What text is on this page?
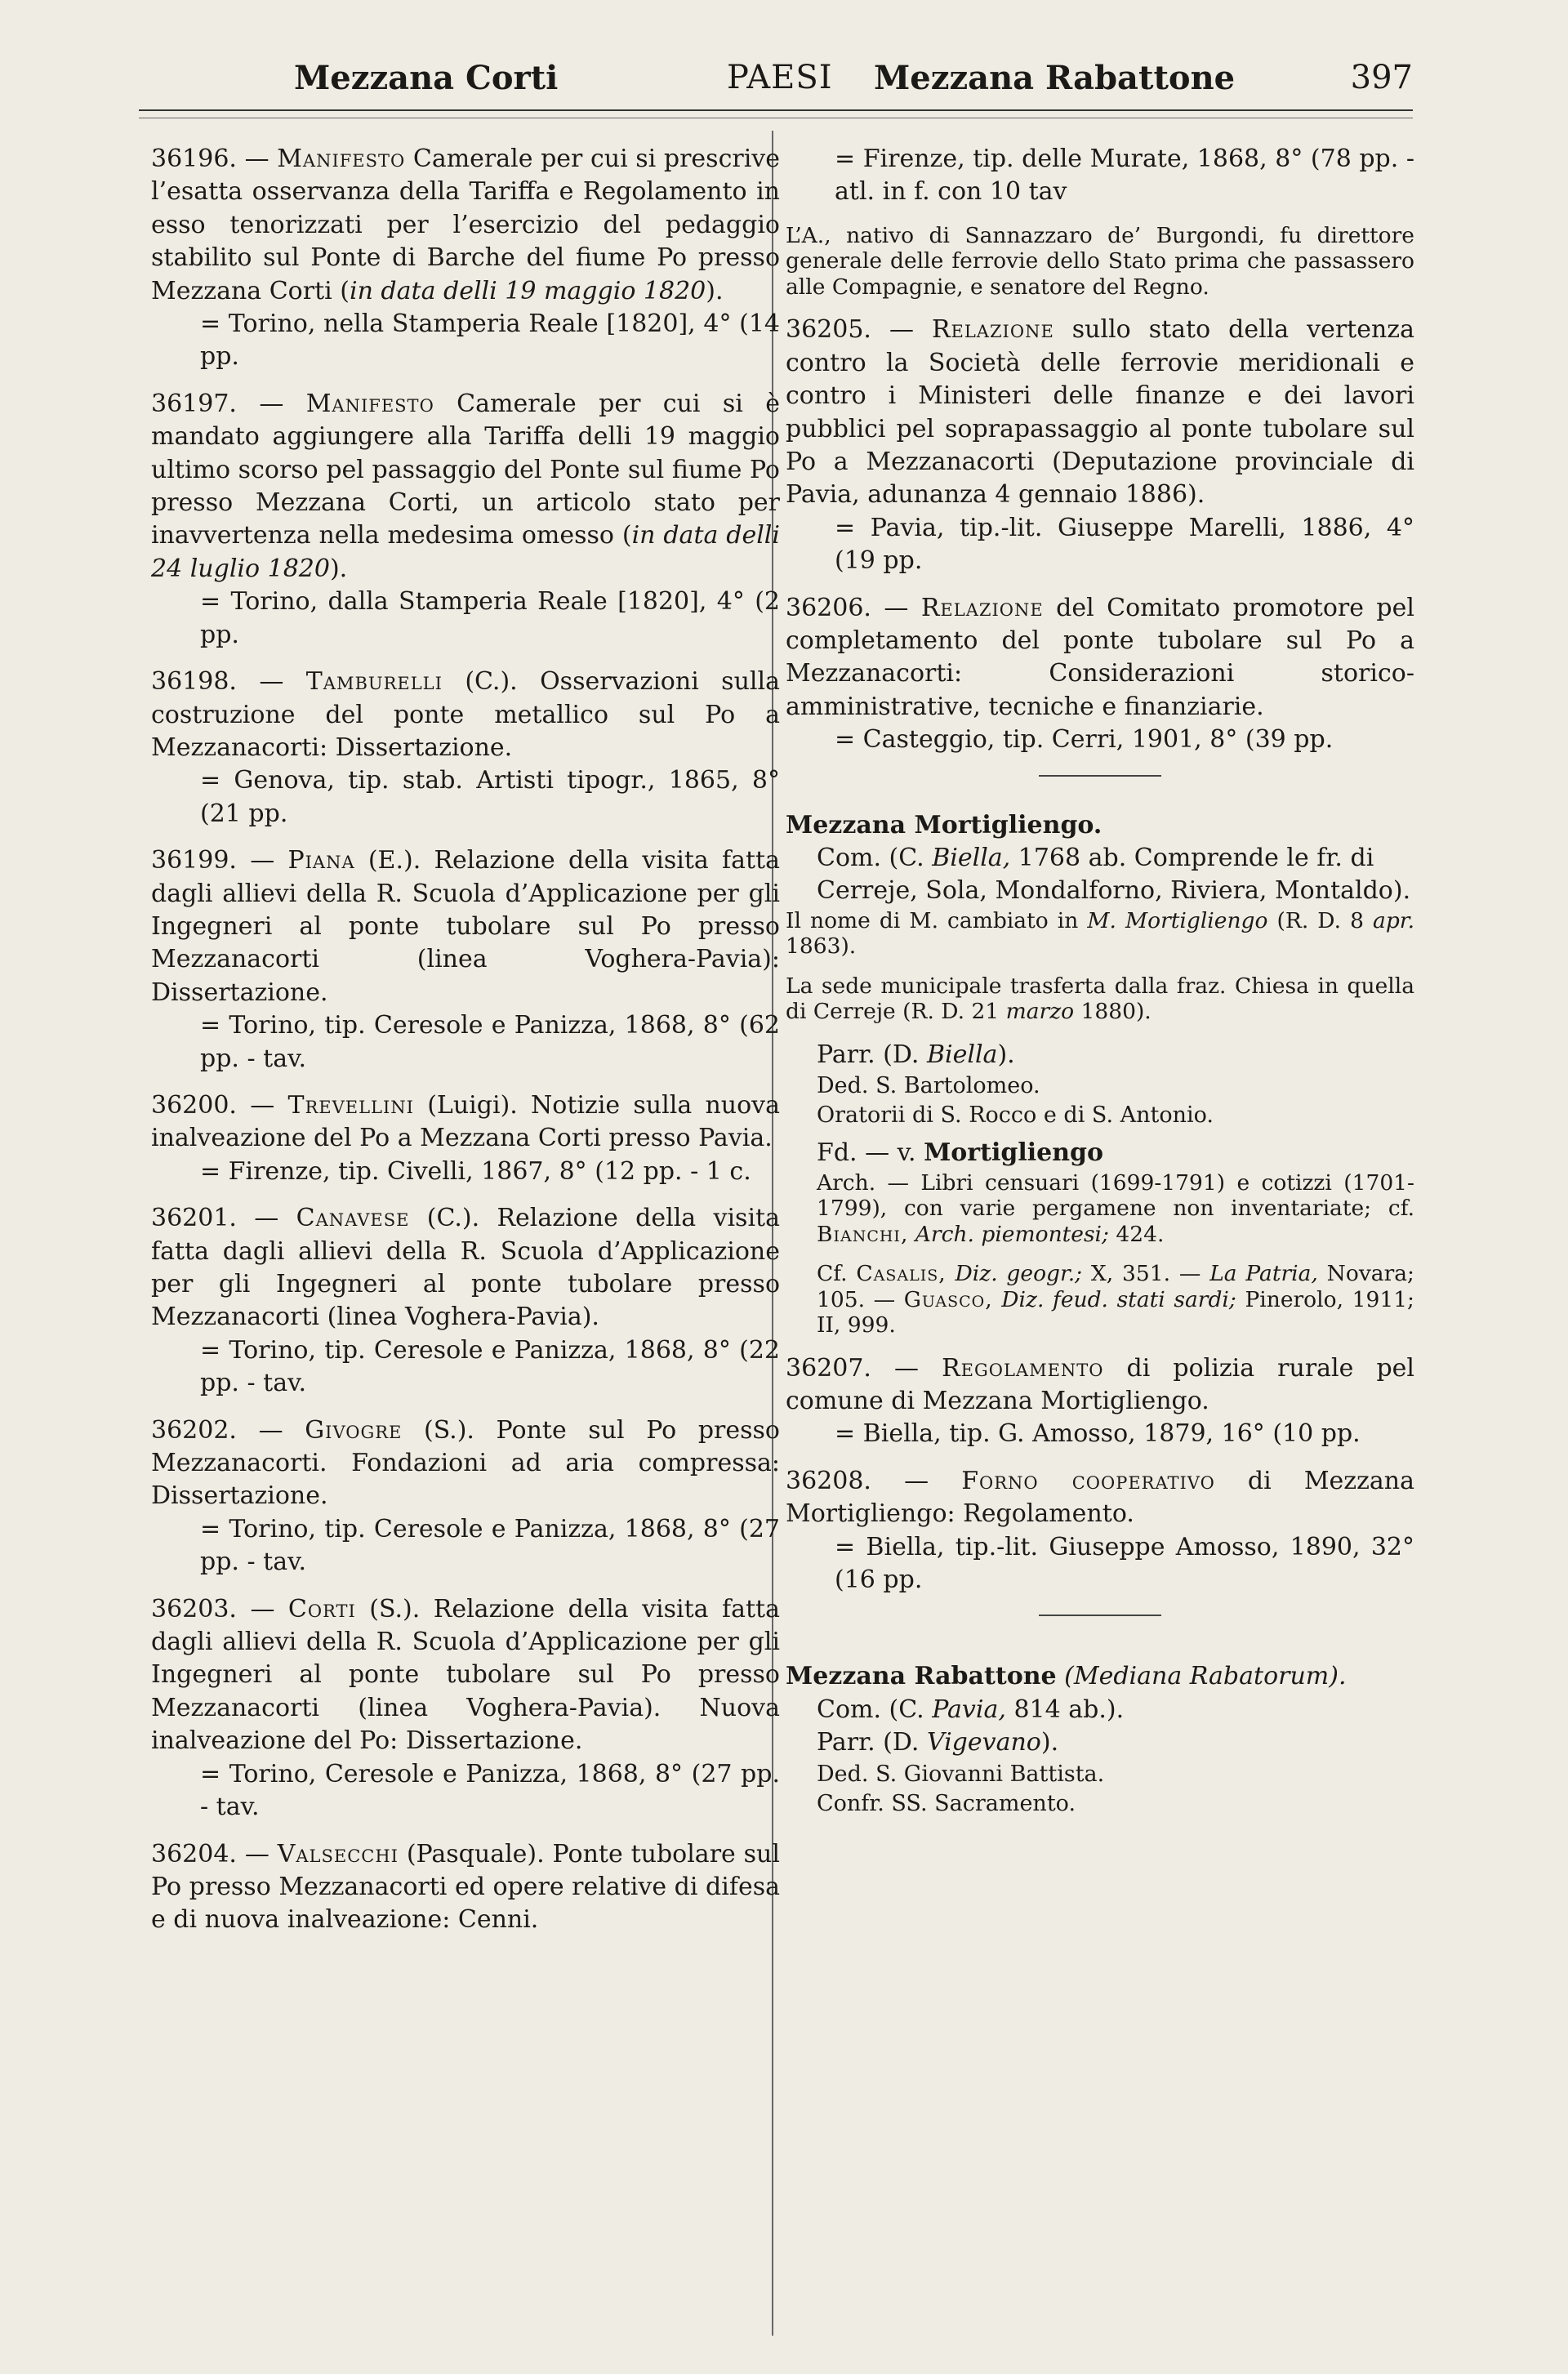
Mezzana Corti	PAESI Mezzana Rabattone	397
36196. — Manifesto Camerale per cui si prescrive l’esatta osservanza della Tariffa e Regolamento in esso tenorizzati per l’esercizio del pedaggio stabilito sul Ponte di Barche del fiume Po presso Mezzana Corti (in data delli 19 maggio 1820).
= Torino, nella Stamperia Reale [1820], 4° (14 pp.
36197. — Manifesto Camerale per cui si è mandato aggiungere alla Tariffa delli 19 maggio ultimo scorso pel passaggio del Ponte sul fiume Po presso Mezzana Corti, un articolo stato per inavvertenza nella medesima omesso (in data delli 24 luglio 1820).
= Torino, dalla Stamperia Reale [1820], 4° (2 pp.
36198. — Tamburelli (C.). Osservazioni sulla costruzione del ponte metallico sul Po a Mezzanacorti: Dissertazione.
= Genova, tip. stab. Artisti tipogr., 1865, 8° (21 pp.
36199. — Piana (E.). Relazione della visita fatta dagli allievi della R. Scuola d’Applicazione per gli Ingegneri al ponte tubolare sul Po presso Mezzanacorti (linea Voghera-Pavia): Dissertazione.
= Torino, tip. Ceresole e Panizza, 1868, 8° (62 pp. - tav.
36200. — Trevellini (Luigi). Notizie sulla nuova inalveazione del Po a Mezzana Corti presso Pavia.
= Firenze, tip. Civelli, 1867, 8° (12 pp. - 1 c.
36201. — Canavese (C.). Relazione della visita fatta dagli allievi della R. Scuola d’Applicazione per gli Ingegneri al ponte tubolare presso Mezzanacorti (linea Voghera-Pavia).
= Torino, tip. Ceresole e Panizza, 1868, 8° (22 pp. - tav.
36202. — Givogre (S.). Ponte sul Po presso Mezzanacorti. Fondazioni ad aria compressa: Dissertazione.
= Torino, tip. Ceresole e Panizza, 1868, 8° (27 pp. - tav.
36203. — Corti (S.). Relazione della visita fatta dagli allievi della R. Scuola d’Applicazione per gli Ingegneri al ponte tubolare sul Po presso Mezzanacorti (linea Voghera-Pavia). Nuova inalveazione del Po: Dissertazione.
= Torino, Ceresole e Panizza, 1868, 8° (27 pp. - tav.
36204. — Valsecchi (Pasquale). Ponte tubolare sul Po presso Mezzanacorti ed opere relative di difesa e di nuova inalveazione: Cenni.
= Firenze, tip. delle Murate, 1868, 8° (78 pp. - atl. in f. con 10 tav
L’A., nativo di Sannazzaro de’ Burgondi, fu direttore generale delle ferrovie dello Stato prima che passassero alle Compagnie, e senatore del Regno.
36205. — Relazione sullo stato della vertenza contro la Società delle ferrovie meridionali e contro i Ministeri delle finanze e dei lavori pubblici pel soprapassaggio al ponte tubolare sul Po a Mezzanacorti (Deputazione provinciale di Pavia, adunanza 4 gennaio 1886).
= Pavia, tip.-lit. Giuseppe Marelli, 1886, 4° (19 pp.
36206. — Relazione del Comitato promotore pel completamento del ponte tubolare sul Po a Mezzanacorti: Considerazioni storico-amministrative, tecniche e finanziarie.
= Casteggio, tip. Cerri, 1901, 8° (39 pp.
Mezzana Mortigliengo.
Com. (C. Biella, 1768 ab. Comprende le fr. di Cerreje, Sola, Mondalforno, Riviera, Montaldo).
Il nome di M. cambiato in M. Mortigliengo (R. D. 8 apr. 1863).
La sede municipale trasferta dalla fraz. Chiesa in quella di Cerreje (R. D. 21 marzo 1880).
Parr. (D. Biella).
Ded. S. Bartolomeo.
Oratorii di S. Rocco e di S. Antonio.
Fd. — v. Mortigliengo
Arch. — Libri censuari (1699-1791) e cotizzi (1701-1799), con varie pergamene non inventariate; cf. Bianchi, Arch. piemontesi; 424.
Cf. Casalis, Diz. geogr.; X, 351. — La Patria, Novara; 105. — Guasco, Diz. feud. stati sardi; Pinerolo, 1911; II, 999.
36207. — Regolamento di polizia rurale pel comune di Mezzana Mortigliengo.
= Biella, tip. G. Amosso, 1879, 16° (10 pp.
36208. — Forno cooperativo di Mezzana Mortigliengo: Regolamento.
= Biella, tip.-lit. Giuseppe Amosso, 1890, 32° (16 pp.
Mezzana Rabattone (Mediana Rabatorum).
Com. (C. Pavia, 814 ab.).
Parr. (D. Vigevano).
Ded. S. Giovanni Battista.
Confr. SS. Sacramento.
